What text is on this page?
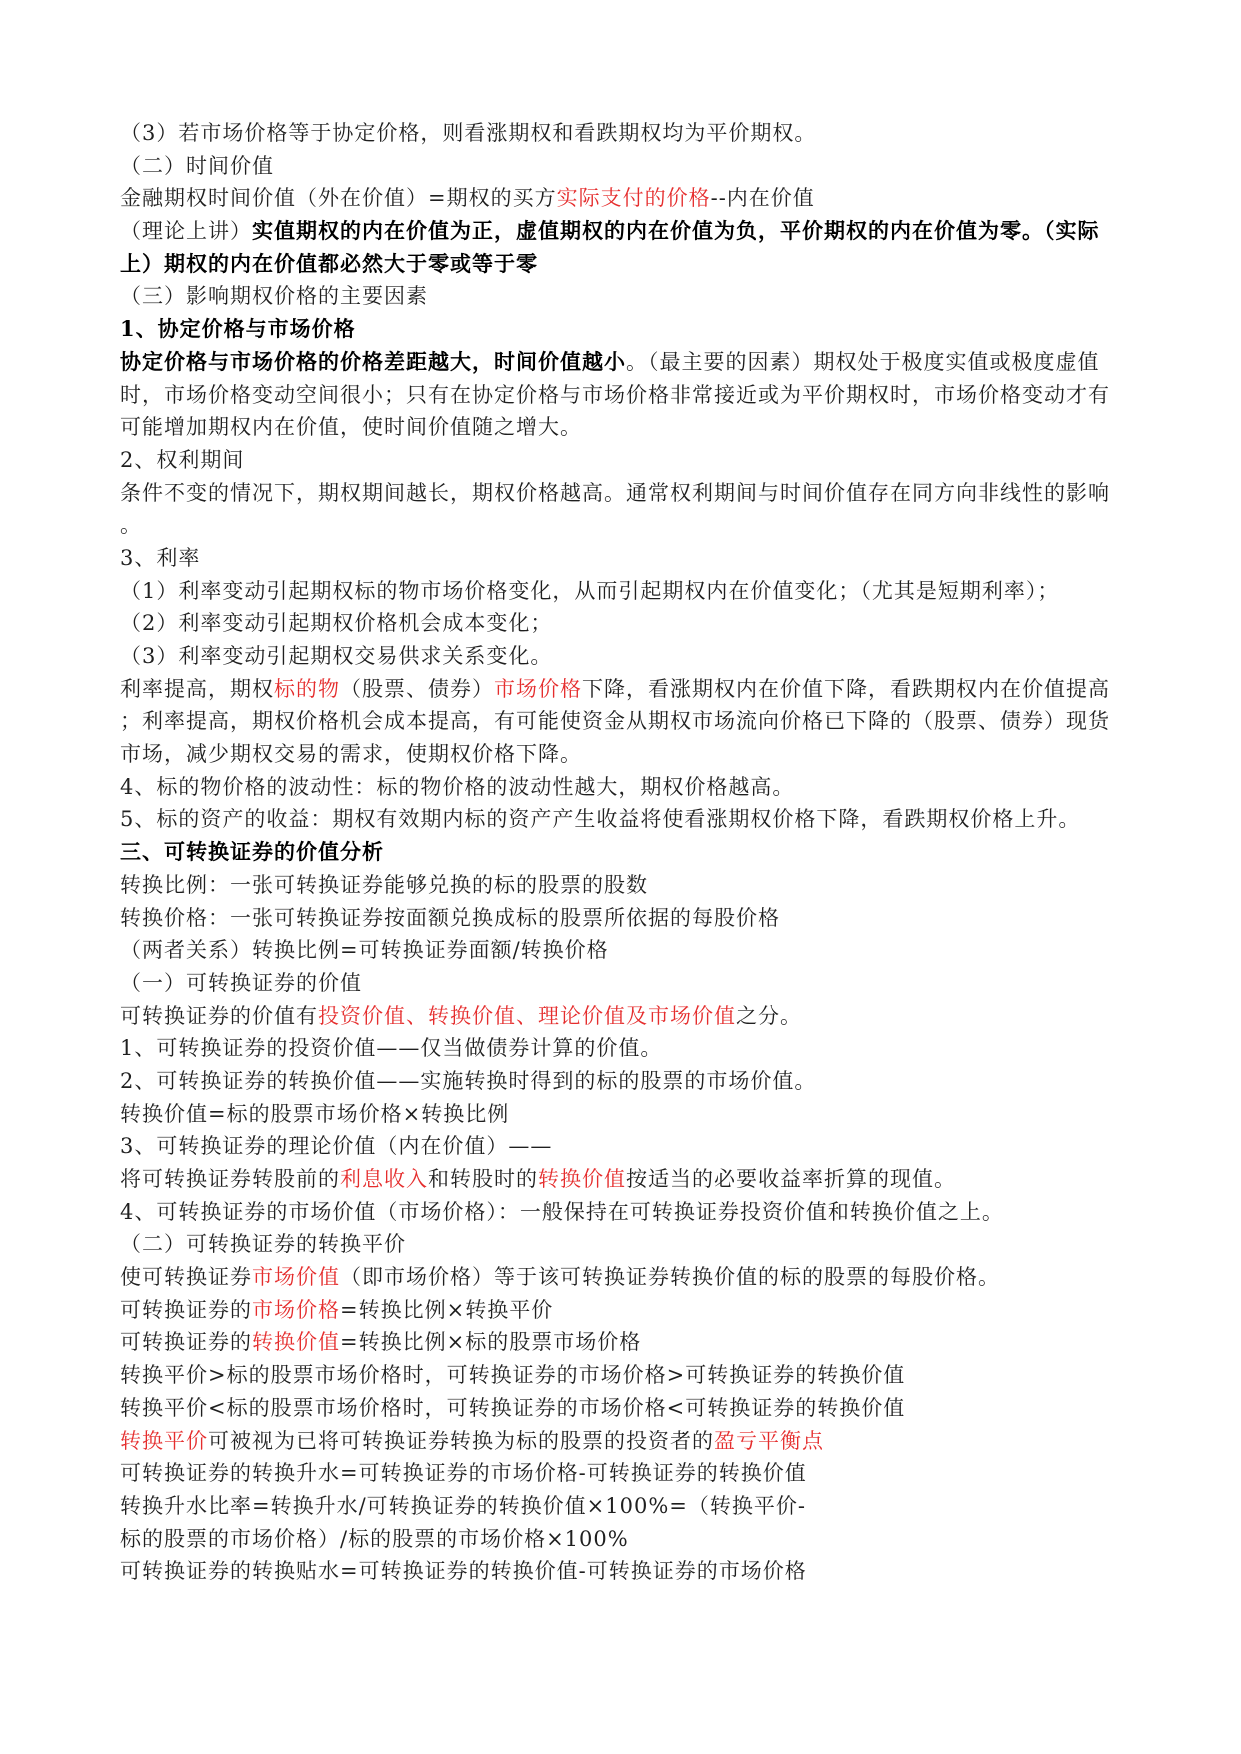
（3）若市场价格等于协定价格，则看涨期权和看跌期权均为平价期权。
（二）时间价值
金融期权时间价值（外在价值）=期权的买方实际支付的价格--内在价值
（理论上讲）实值期权的内在价值为正，虚值期权的内在价值为负，平价期权的内在价值为零。（实际
上）期权的内在价值都必然大于零或等于零
（三）影响期权价格的主要因素
1、协定价格与市场价格
协定价格与市场价格的价格差距越大，时间价值越小。（最主要的因素）期权处于极度实值或极度虚值
时，市场价格变动空间很小；只有在协定价格与市场价格非常接近或为平价期权时，市场价格变动才有
可能增加期权内在价值，使时间价值随之增大。
2、权利期间
条件不变的情况下，期权期间越长，期权价格越高。通常权利期间与时间价值存在同方向非线性的影响
。
3、利率
（1）利率变动引起期权标的物市场价格变化，从而引起期权内在价值变化；（尤其是短期利率）；
（2）利率变动引起期权价格机会成本变化；
（3）利率变动引起期权交易供求关系变化。
利率提高，期权标的物（股票、债券）市场价格下降，看涨期权内在价值下降，看跌期权内在价值提高
；利率提高，期权价格机会成本提高，有可能使资金从期权市场流向价格已下降的（股票、债券）现货
市场，减少期权交易的需求，使期权价格下降。
4、标的物价格的波动性：标的物价格的波动性越大，期权价格越高。
5、标的资产的收益：期权有效期内标的资产产生收益将使看涨期权价格下降，看跌期权价格上升。
三、可转换证券的价值分析
转换比例：一张可转换证券能够兑换的标的股票的股数
转换价格：一张可转换证券按面额兑换成标的股票所依据的每股价格
（两者关系）转换比例=可转换证券面额/转换价格
（一）可转换证券的价值
可转换证券的价值有投资价值、转换价值、理论价值及市场价值之分。
1、可转换证券的投资价值——仅当做债券计算的价值。
2、可转换证券的转换价值——实施转换时得到的标的股票的市场价值。
转换价值=标的股票市场价格×转换比例
3、可转换证券的理论价值（内在价值）——
将可转换证券转股前的利息收入和转股时的转换价值按适当的必要收益率折算的现值。
4、可转换证券的市场价值（市场价格）：一般保持在可转换证券投资价值和转换价值之上。
（二）可转换证券的转换平价
使可转换证券市场价值（即市场价格）等于该可转换证券转换价值的标的股票的每股价格。
可转换证券的市场价格=转换比例×转换平价
可转换证券的转换价值=转换比例×标的股票市场价格
转换平价>标的股票市场价格时，可转换证券的市场价格>可转换证券的转换价值
转换平价<标的股票市场价格时，可转换证券的市场价格<可转换证券的转换价值
转换平价可被视为已将可转换证券转换为标的股票的投资者的盈亏平衡点
可转换证券的转换升水=可转换证券的市场价格-可转换证券的转换价值
转换升水比率=转换升水/可转换证券的转换价值×100%=（转换平价-
标的股票的市场价格）/标的股票的市场价格×100%
可转换证券的转换贴水=可转换证券的转换价值-可转换证券的市场价格
